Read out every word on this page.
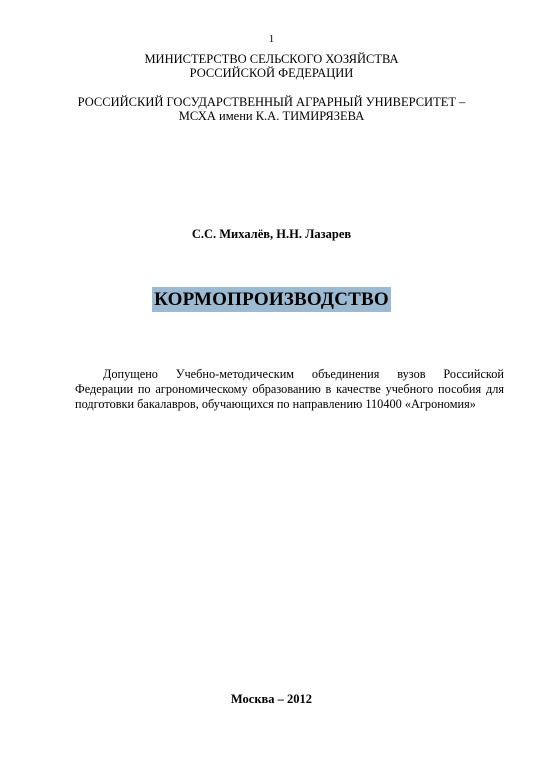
1
МИНИСТЕРСТВО СЕЛЬСКОГО ХОЗЯЙСТВА
РОССИЙСКОЙ ФЕДЕРАЦИИ
РОССИЙСКИЙ ГОСУДАРСТВЕННЫЙ АГРАРНЫЙ УНИВЕРСИТЕТ –
МСХА имени К.А. ТИМИРЯЗЕВА
С.С. Михалёв, Н.Н. Лазарев
КОРМОПРОИЗВОДСТВО

Допущено Учебно-методическим объединения вузов Российской Федерации по агрономическому образованию в качестве учебного пособия для подготовки бакалавров, обучающихся по направлению 110400 «Агрономия»

Москва – 2012
